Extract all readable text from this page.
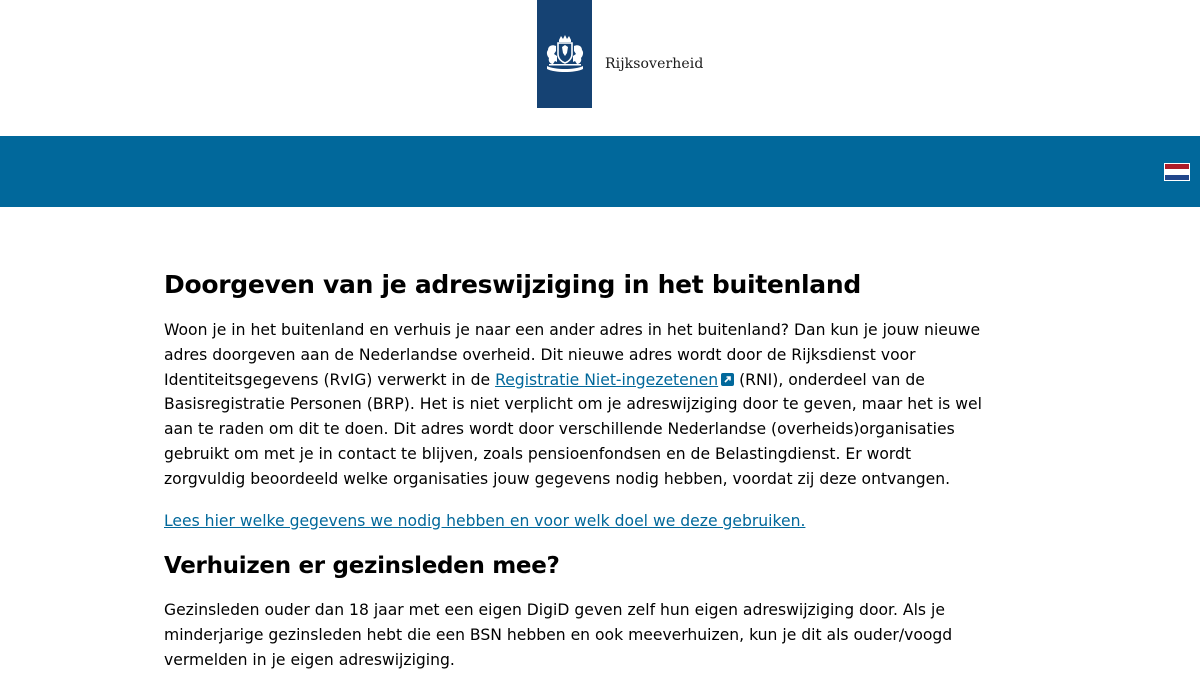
Rijksoverheid
Doorgeven van je adreswijziging in het buitenland

Woon je in het buitenland en verhuis je naar een ander adres in het buitenland? Dan kun je jouw nieuwe adres doorgeven aan de Nederlandse overheid. Dit nieuwe adres wordt door de Rijksdienst voor Identiteitsgegevens (RvIG) verwerkt in de Registratie Niet-ingezetenen
(RNI), onderdeel van de Basisregistratie Personen (BRP). Het is niet verplicht om je adreswijziging door te geven, maar het is wel aan te raden om dit te doen. Dit adres wordt door verschillende Nederlandse (overheids)organisaties gebruikt om met je in contact te blijven, zoals pensioenfondsen en de Belastingdienst. Er wordt zorgvuldig beoordeeld welke organisaties jouw gegevens nodig hebben, voordat zij deze ontvangen.

Lees hier welke gegevens we nodig hebben en voor welk doel we deze gebruiken.

Verhuizen er gezinsleden mee?

Gezinsleden ouder dan 18 jaar met een eigen DigiD geven zelf hun eigen adreswijziging door. Als je minderjarige gezinsleden hebt die een BSN hebben en ook meeverhuizen, kun je dit als ouder/voogd vermelden in je eigen adreswijziging.
